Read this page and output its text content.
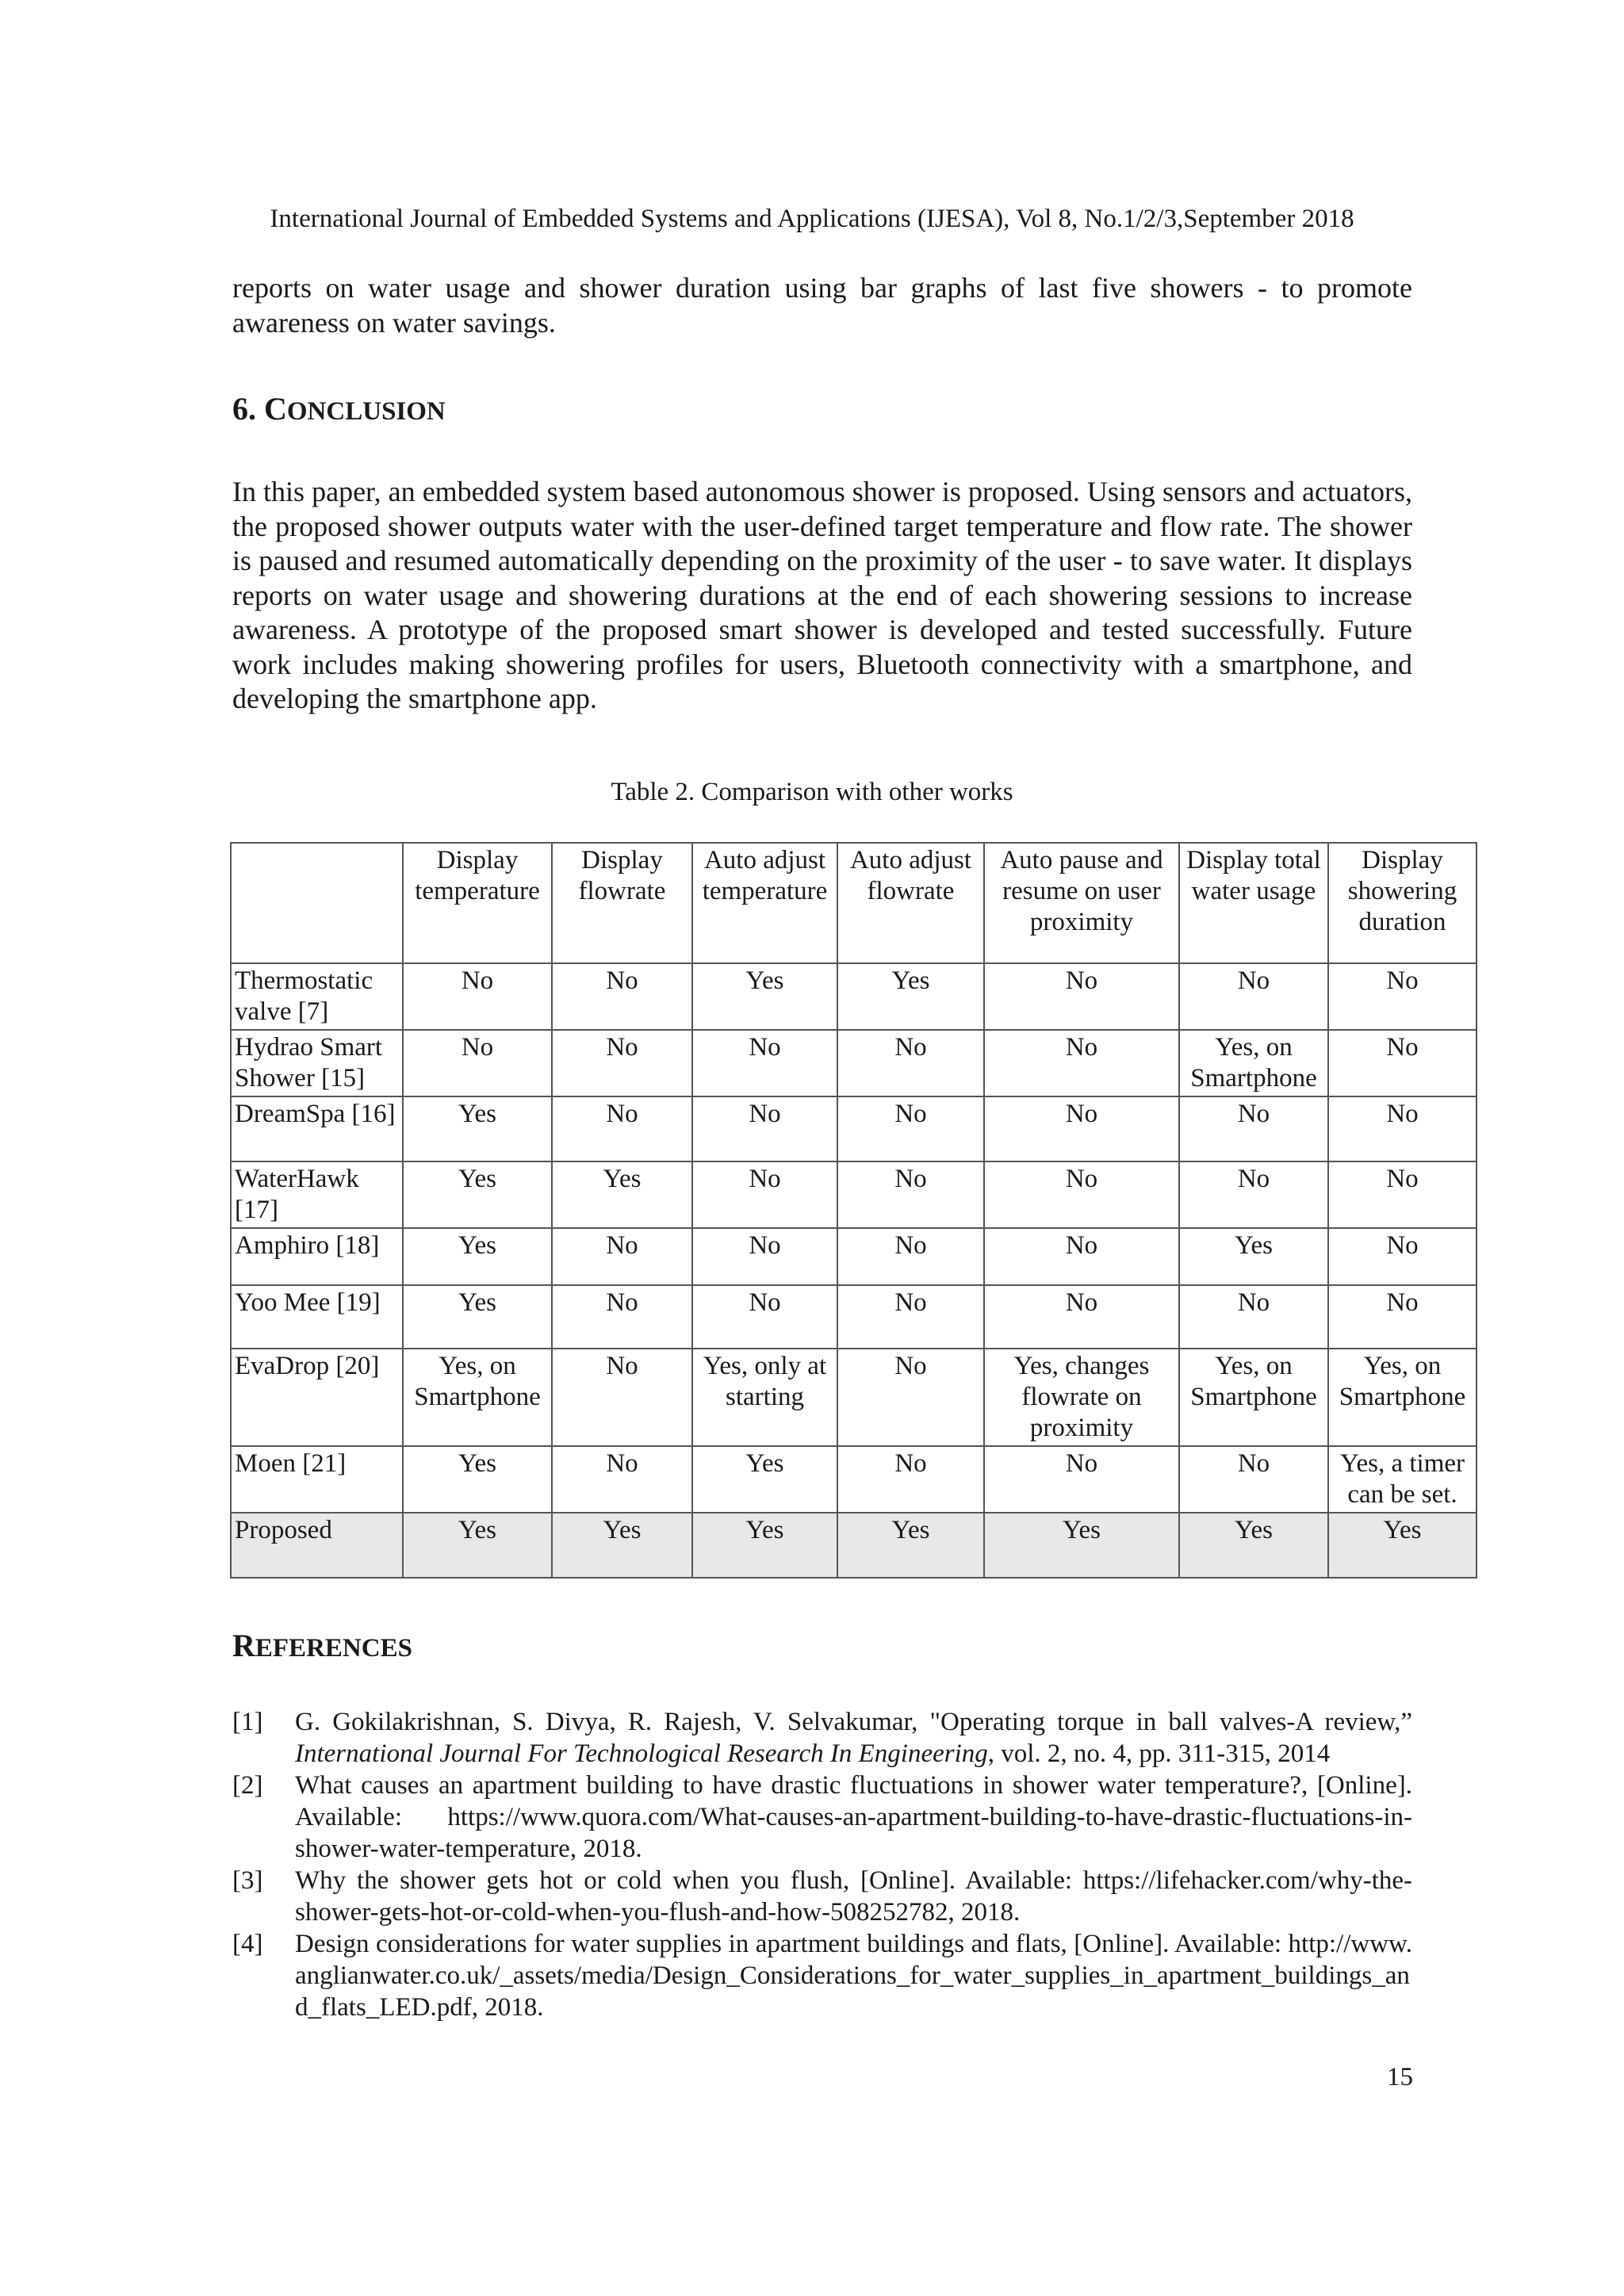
International Journal of Embedded Systems and Applications (IJESA), Vol 8, No.1/2/3,September 2018

reports on water usage and shower duration using bar graphs of last five showers - to promote awareness on water savings.

6. CONCLUSION

In this paper, an embedded system based autonomous shower is proposed. Using sensors and actuators, the proposed shower outputs water with the user-defined target temperature and flow rate. The shower is paused and resumed automatically depending on the proximity of the user - to save water. It displays reports on water usage and showering durations at the end of each showering sessions to increase awareness. A prototype of the proposed smart shower is developed and tested successfully. Future work includes making showering profiles for users, Bluetooth connectivity with a smartphone, and developing the smartphone app.

Table 2. Comparison with other works
	Display temperature	Display flowrate	Auto adjust temperature	Auto adjust flowrate	Auto pause and resume on user proximity	Display total water usage	Display showering duration
Thermostatic valve [7]	No	No	Yes	Yes	No	No	No
Hydrao Smart Shower [15]	No	No	No	No	No	Yes, on Smartphone	No
DreamSpa [16]	Yes	No	No	No	No	No	No
WaterHawk [17]	Yes	Yes	No	No	No	No	No
Amphiro [18]	Yes	No	No	No	No	Yes	No
Yoo Mee [19]	Yes	No	No	No	No	No	No
EvaDrop [20]	Yes, on Smartphone	No	Yes, only at starting	No	Yes, changes flowrate on proximity	Yes, on Smartphone	Yes, on Smartphone
Moen [21]	Yes	No	Yes	No	No	No	Yes, a timer can be set.
Proposed	Yes	Yes	Yes	Yes	Yes	Yes	Yes
REFERENCES
[1] G. Gokilakrishnan, S. Divya, R. Rajesh, V. Selvakumar, "Operating torque in ball valves-A review,” International Journal For Technological Research In Engineering, vol. 2, no. 4, pp. 311-315, 2014
[2] What causes an apartment building to have drastic fluctuations in shower water temperature?, [Online]. Available: https://www.quora.com/What-causes-an-apartment-building-to-have-drastic-fluctuations-in-shower-water-temperature, 2018.
[3] Why the shower gets hot or cold when you flush, [Online]. Available: https://lifehacker.com/why-the-shower-gets-hot-or-cold-when-you-flush-and-how-508252782, 2018.
[4] Design considerations for water supplies in apartment buildings and flats, [Online]. Available: http://www.anglianwater.co.uk/_assets/media/Design_Considerations_for_water_supplies_in_apartment_buildings_and_flats_LED.pdf, 2018.
15
